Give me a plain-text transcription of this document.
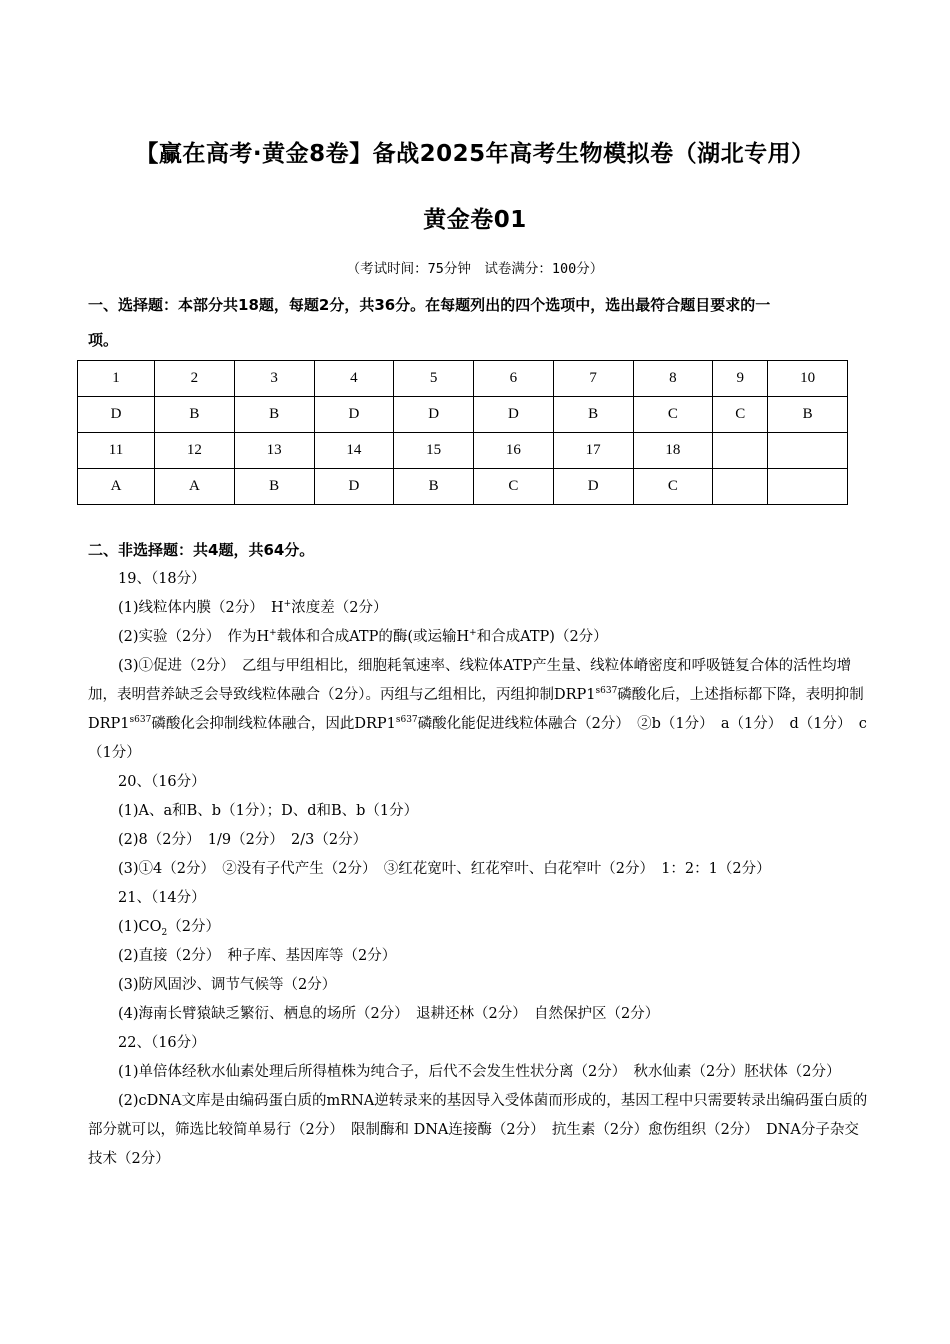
【赢在高考·黄金8卷】备战2025年高考生物模拟卷（湖北专用）
黄金卷01
（考试时间：75分钟　试卷满分：100分）
一、选择题：本部分共18题，每题2分，共36分。在每题列出的四个选项中，选出最符合题目要求的一
项。
1	2	3	4	5	6	7	8	9	10
D	B	B	D	D	D	B	C	C	B
11	12	13	14	15	16	17	18		
A	A	B	D	B	C	D	C		
二、非选择题：共4题，共64分。

19、（18分）

(1)线粒体内膜（2分）　H+浓度差（2分）

(2)实验（2分）　作为H+载体和合成ATP的酶(或运输H+和合成ATP)（2分）

(3)①促进（2分）　乙组与甲组相比，细胞耗氧速率、线粒体ATP产生量、线粒体嵴密度和呼吸链复合体的活性均增加，表明营养缺乏会导致线粒体融合（2分）。丙组与乙组相比，丙组抑制$DRP1^{s637}$磷酸化后，上述指标都下降，表明抑制$DRP1^{s637}$磷酸化会抑制线粒体融合，因此$DRP1^{s637}$磷酸化能促进线粒体融合（2分）　②b（1分）　a（1分）　d（1分）　c（1分）

20、（16分）

(1)A、a和B、b（1分）；D、d和B、b（1分）

(2)8（2分）　1/9（2分）　2/3（2分）

(3)①4（2分）　②没有子代产生（2分）　③红花宽叶、红花窄叶、白花窄叶（2分）　1：2：1（2分）

21、（14分）

$(1)CO_2(2$分）

(2)直接（2分）　种子库、基因库等（2分）

(3)防风固沙、调节气候等（2分）

(4)海南长臂猿缺乏繁衍、栖息的场所（2分）　退耕还林（2分）　自然保护区（2分）

22、（16分）

(1)单倍体经秋水仙素处理后所得植株为纯合子，后代不会发生性状分离（2分）　秋水仙素（2分）胚状体（2分）

(2)cDNA文库是由编码蛋白质的mRNA逆转录来的基因导入受体菌而形成的，基因工程中只需要转录出编码蛋白质的部分就可以，筛选比较简单易行（2分）　限制酶和 DNA连接酶（2分）　抗生素（2分）愈伤组织（2分）　DNA分子杂交技术（2分）
